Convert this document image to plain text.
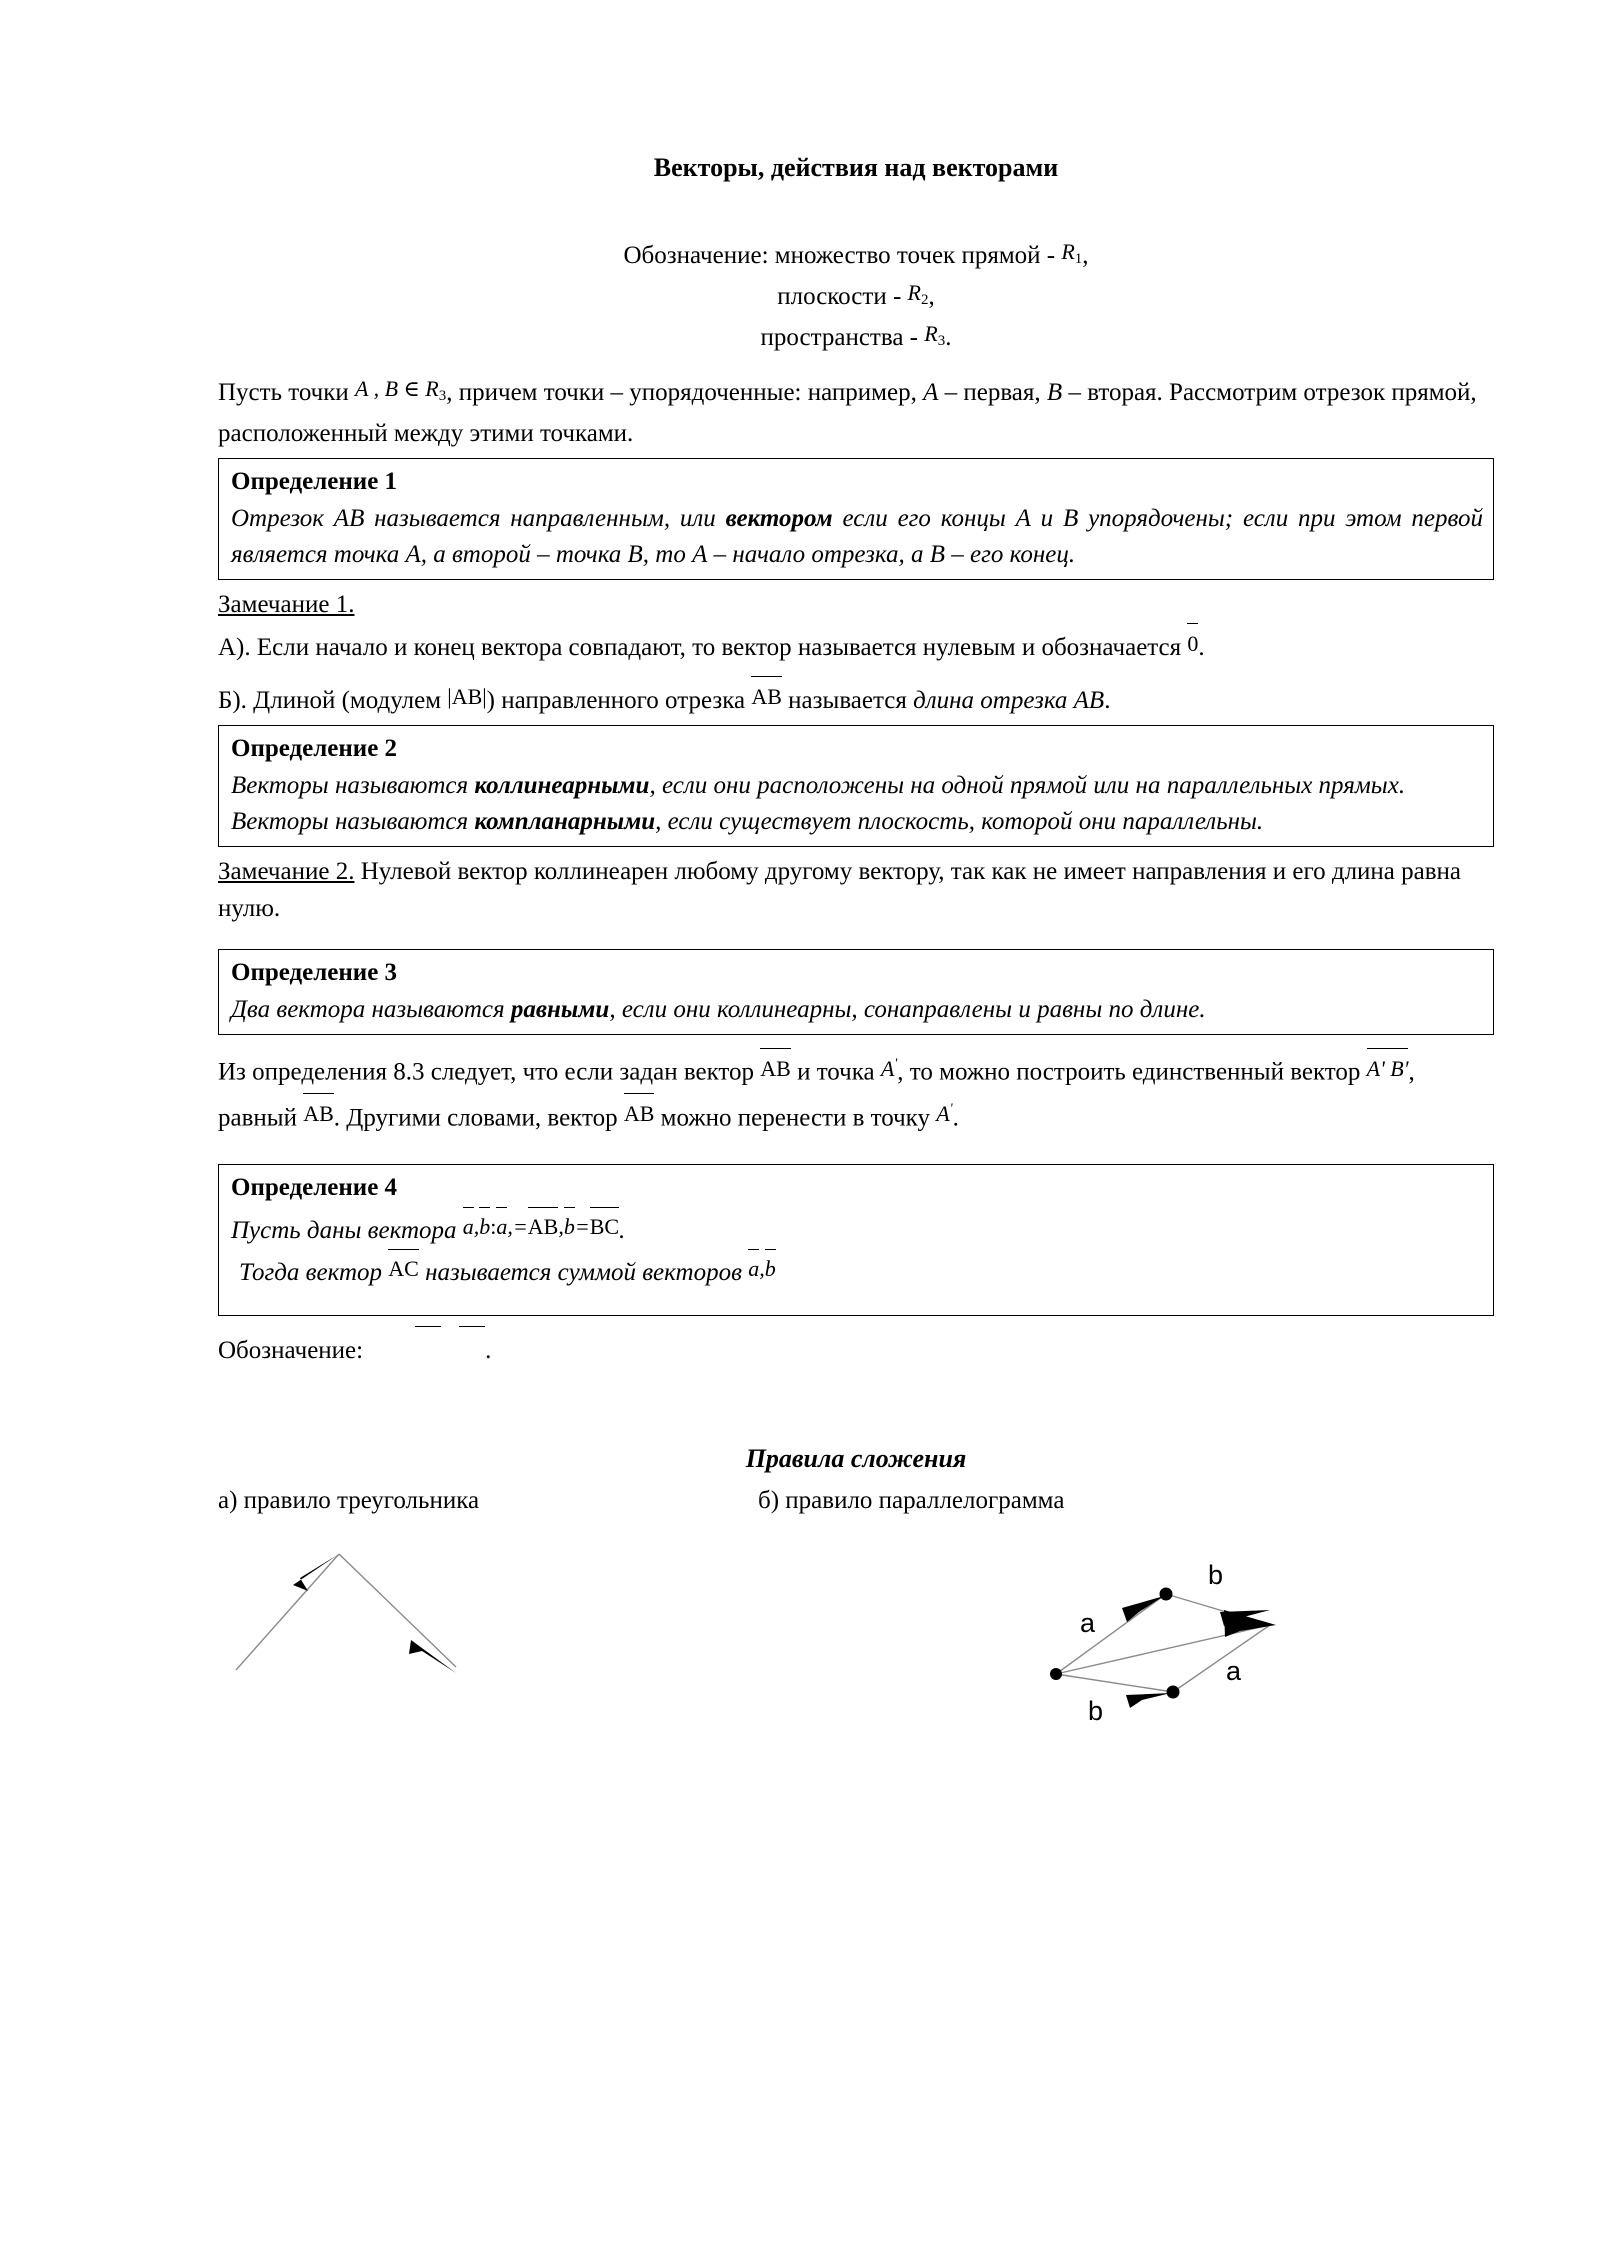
Векторы, действия над векторами
Обозначение: множество точек прямой - $R_1$,
плоскости - $R_2$,
пространства - $R_3$.

Пусть точки A , B ∈ $R_3$, причем точки – упорядоченные: например, A – первая, B – вторая. Рассмотрим отрезок прямой, расположенный между этими точками.

Определение 1

Отрезок АВ называется направленным, или вектором если его концы А и В упорядочены; если при этом первой является точка А, а второй – точка В, то А – начало отрезка, а В – его конец.

Замечание 1.

А). Если начало и конец вектора совпадают, то вектор называется нулевым и обозначается 0.

Б). Длиной (модулем |AB|) направленного отрезка AB называется длина отрезка АВ.

Определение 2

Векторы называются коллинеарными, если они расположены на одной прямой или на параллельных прямых.

Векторы называются компланарными, если существует плоскость, которой они параллельны.

Замечание 2. Нулевой вектор коллинеарен любому другому вектору, так как не имеет направления и его длина равна нулю.

Определение 3

Два вектора называются равными, если они коллинеарны, сонаправлены и равны по длине.

Из определения 8.3 следует, что если задан вектор AB и точка A', то можно построить единственный вектор A' B', равный AB. Другими словами, вектор AB можно перенести в точку A'.

Определение 4

Пусть даны вектора a,b:a,=AB,b=BC.

Тогда вектор AC называется суммой векторов a,b

Обозначение:	.

Правила сложения
а) правило треугольника	б) правило параллелограмма
a
b
b
a
